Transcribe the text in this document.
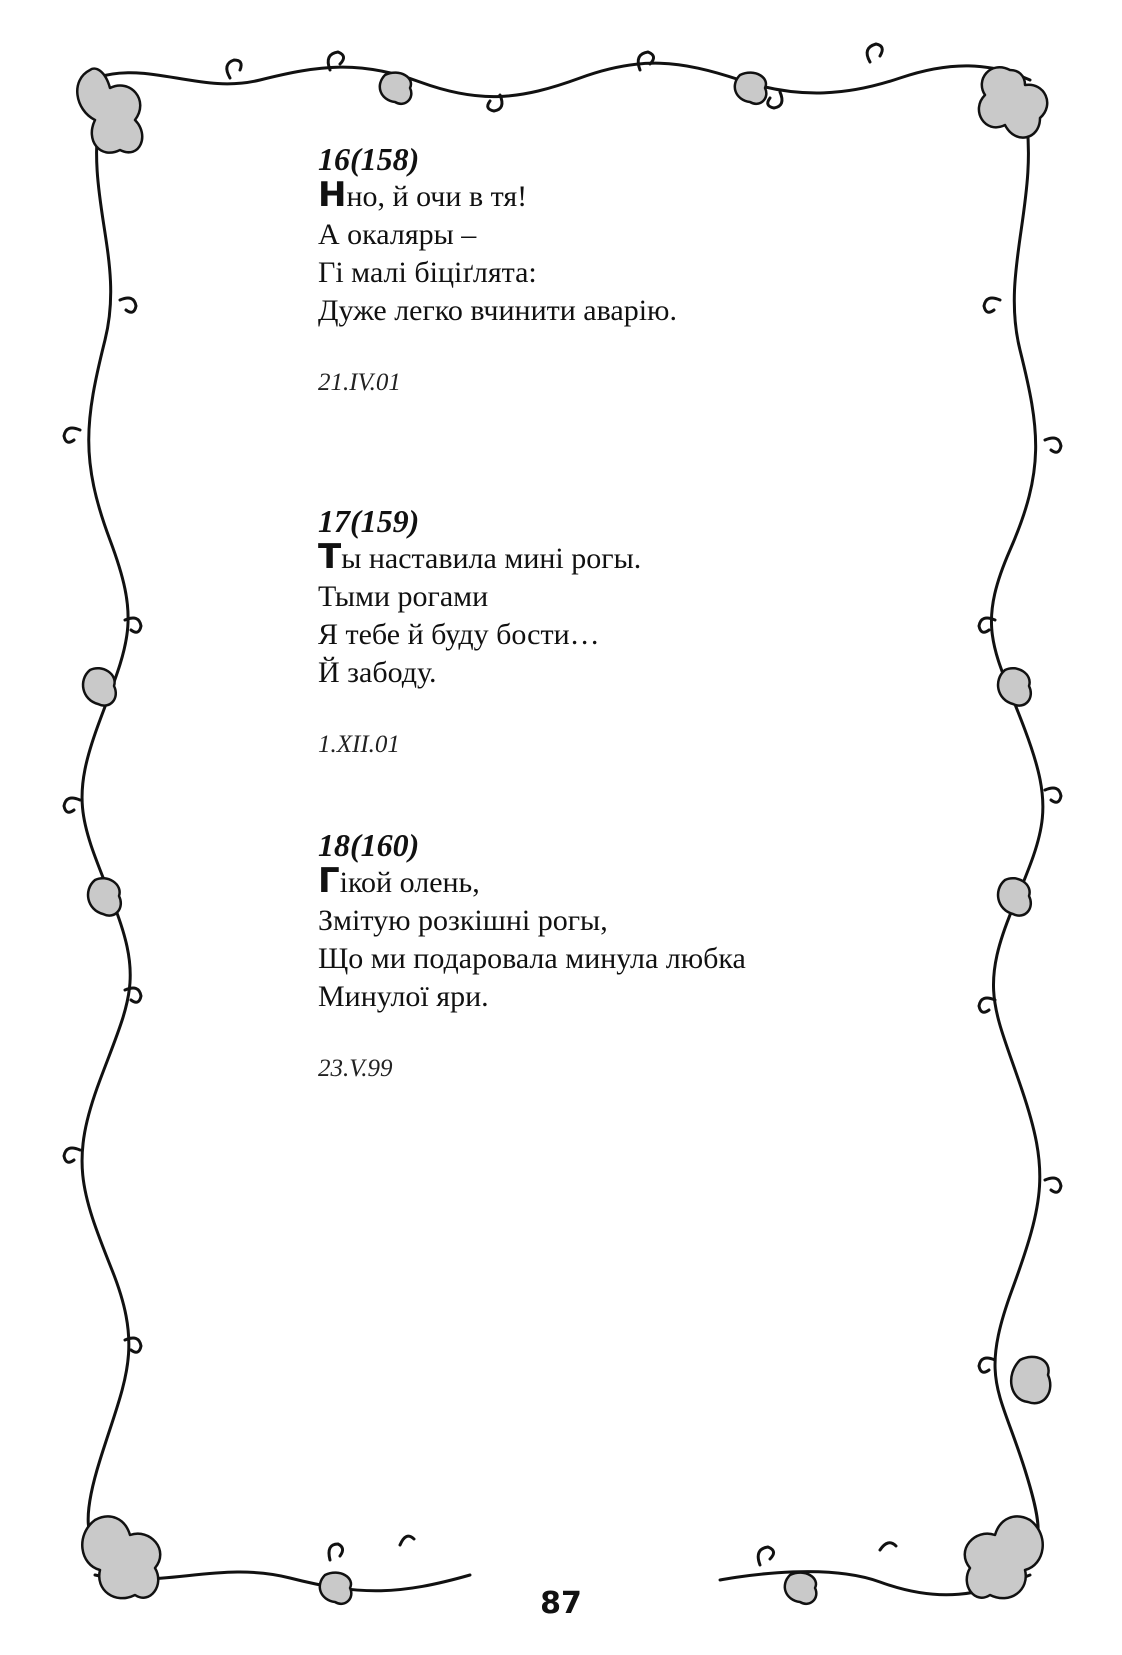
16(158)
Нно, й очи в тя!
А окаляры –
Гі малі біціґлята:
Дуже легко вчинити аварію.
21.IV.01
17(159)
Ты наставила мині рогы.
Тыми рогами
Я тебе й буду бости…
Й забоду.
1.XII.01
18(160)
Гікой олень,
Змітую розкішні рогы,
Що ми подаровала минула любка
Минулої яри.
23.V.99
87
